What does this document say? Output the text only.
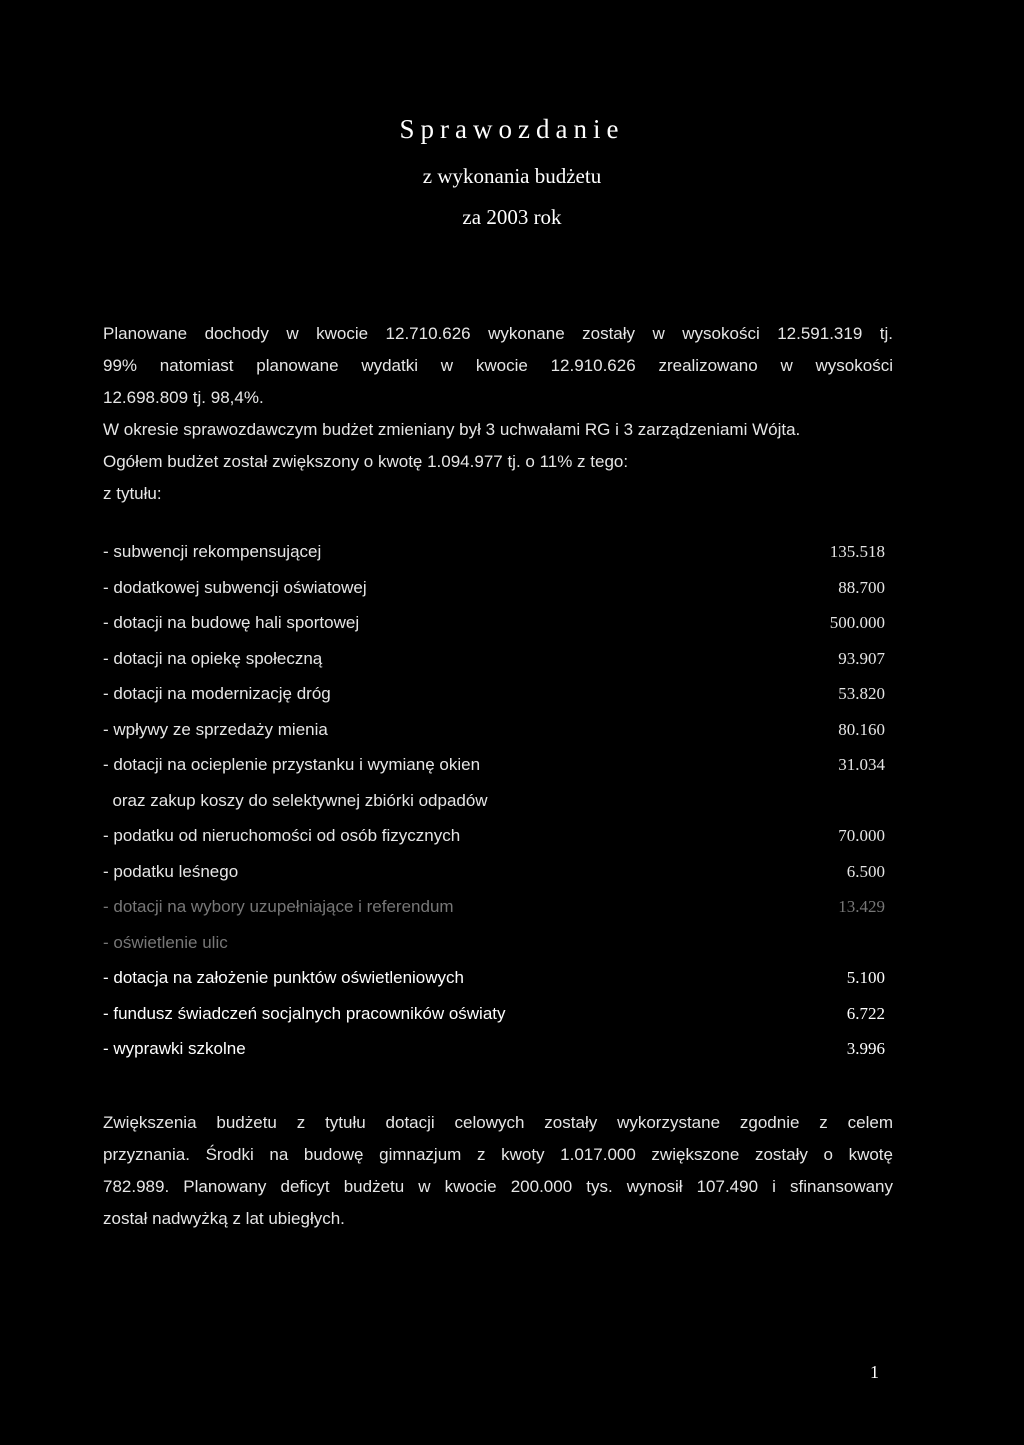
Sprawozdanie
z wykonania budżetu
za 2003 rok
Planowane dochody w kwocie 12.710.626 wykonane zostały w wysokości 12.591.319 tj.
99% natomiast planowane wydatki w kwocie 12.910.626 zrealizowano w wysokości
12.698.809 tj. 98,4%.
W okresie sprawozdawczym budżet zmieniany był 3 uchwałami RG i 3 zarządzeniami Wójta.
Ogółem budżet został zwiększony o kwotę 1.094.977 tj. o 11% z tego:
z tytułu:
- subwencji rekompensującej	135.518
- dodatkowej subwencji oświatowej	88.700
- dotacji na budowę hali sportowej	500.000
- dotacji na opiekę społeczną	93.907
- dotacji na modernizację dróg	53.820
- wpływy ze sprzedaży mienia	80.160
- dotacji na ocieplenie przystanku i wymianę okien	31.034
oraz zakup koszy do selektywnej zbiórki odpadów
- podatku od nieruchomości od osób fizycznych	70.000
- podatku leśnego	6.500
- dotacji na wybory uzupełniające i referendum	13.429
- oświetlenie ulic
- dotacja na założenie punktów oświetleniowych	5.100
- fundusz świadczeń socjalnych pracowników oświaty	6.722
- wyprawki szkolne	3.996
Zwiększenia budżetu z tytułu dotacji celowych zostały wykorzystane zgodnie z celem
przyznania. Środki na budowę gimnazjum z kwoty 1.017.000 zwiększone zostały o kwotę
782.989. Planowany deficyt budżetu w kwocie 200.000 tys. wynosił 107.490 i sfinansowany
został nadwyżką z lat ubiegłych.
1
